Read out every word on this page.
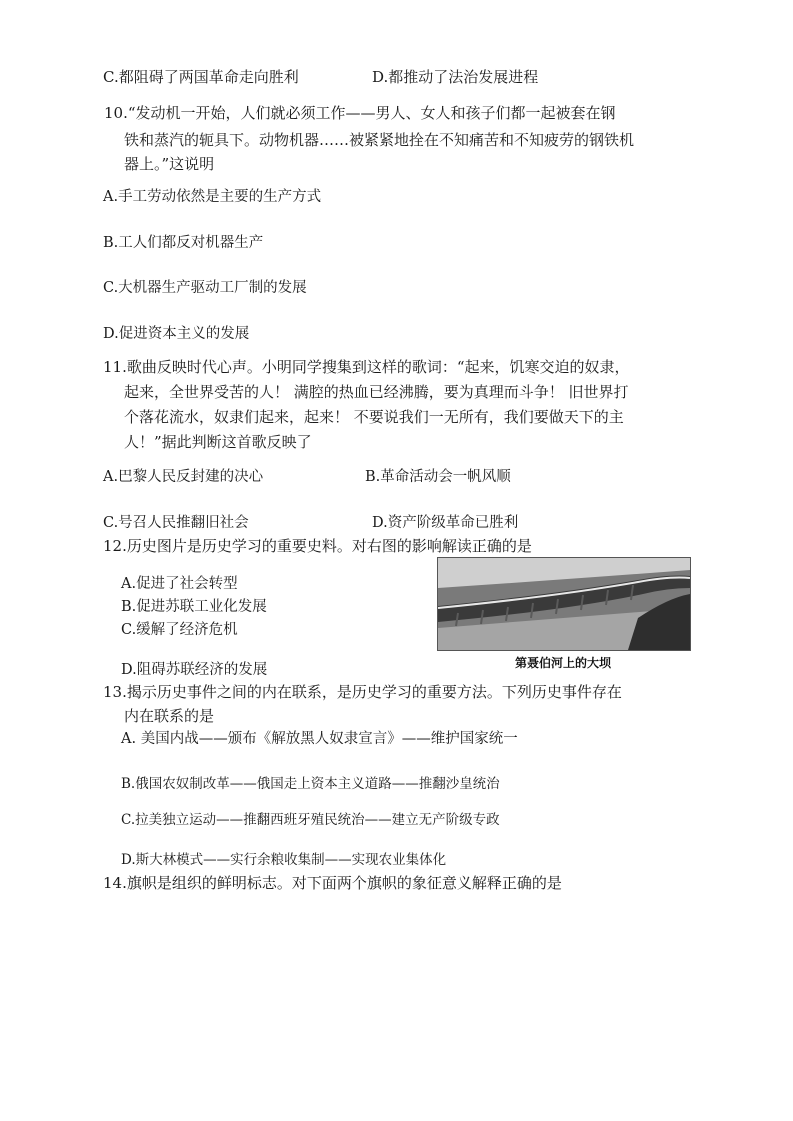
C.都阻碍了两国革命走向胜利	D.都推动了法治发展进程
10.“发动机一开始，人们就必须工作——男人、女人和孩子们都一起被套在钢
铁和蒸汽的轭具下。动物机器……被紧紧地拴在不知痛苦和不知疲劳的钢铁机
器上。”这说明
A.手工劳动依然是主要的生产方式
B.工人们都反对机器生产
C.大机器生产驱动工厂制的发展
D.促进资本主义的发展
11.歌曲反映时代心声。小明同学搜集到这样的歌词：“起来，饥寒交迫的奴隶，
起来，全世界受苦的人！ 满腔的热血已经沸腾，要为真理而斗争！ 旧世界打
个落花流水，奴隶们起来，起来！ 不要说我们一无所有，我们要做天下的主
人！”据此判断这首歌反映了
A.巴黎人民反封建的决心	B.革命活动会一帆风顺
C.号召人民推翻旧社会	D.资产阶级革命已胜利
12.历史图片是历史学习的重要史料。对右图的影响解读正确的是
A.促进了社会转型
B.促进苏联工业化发展
C.缓解了经济危机
D.阻碍苏联经济的发展	第聂伯河上的大坝
13.揭示历史事件之间的内在联系，是历史学习的重要方法。下列历史事件存在
内在联系的是
A. 美国内战——颁布《解放黑人奴隶宣言》——维护国家统一
B.俄国农奴制改革——俄国走上资本主义道路——推翻沙皇统治
C.拉美独立运动——推翻西班牙殖民统治——建立无产阶级专政
D.斯大林模式——实行余粮收集制——实现农业集体化
14.旗帜是组织的鲜明标志。对下面两个旗帜的象征意义解释正确的是
